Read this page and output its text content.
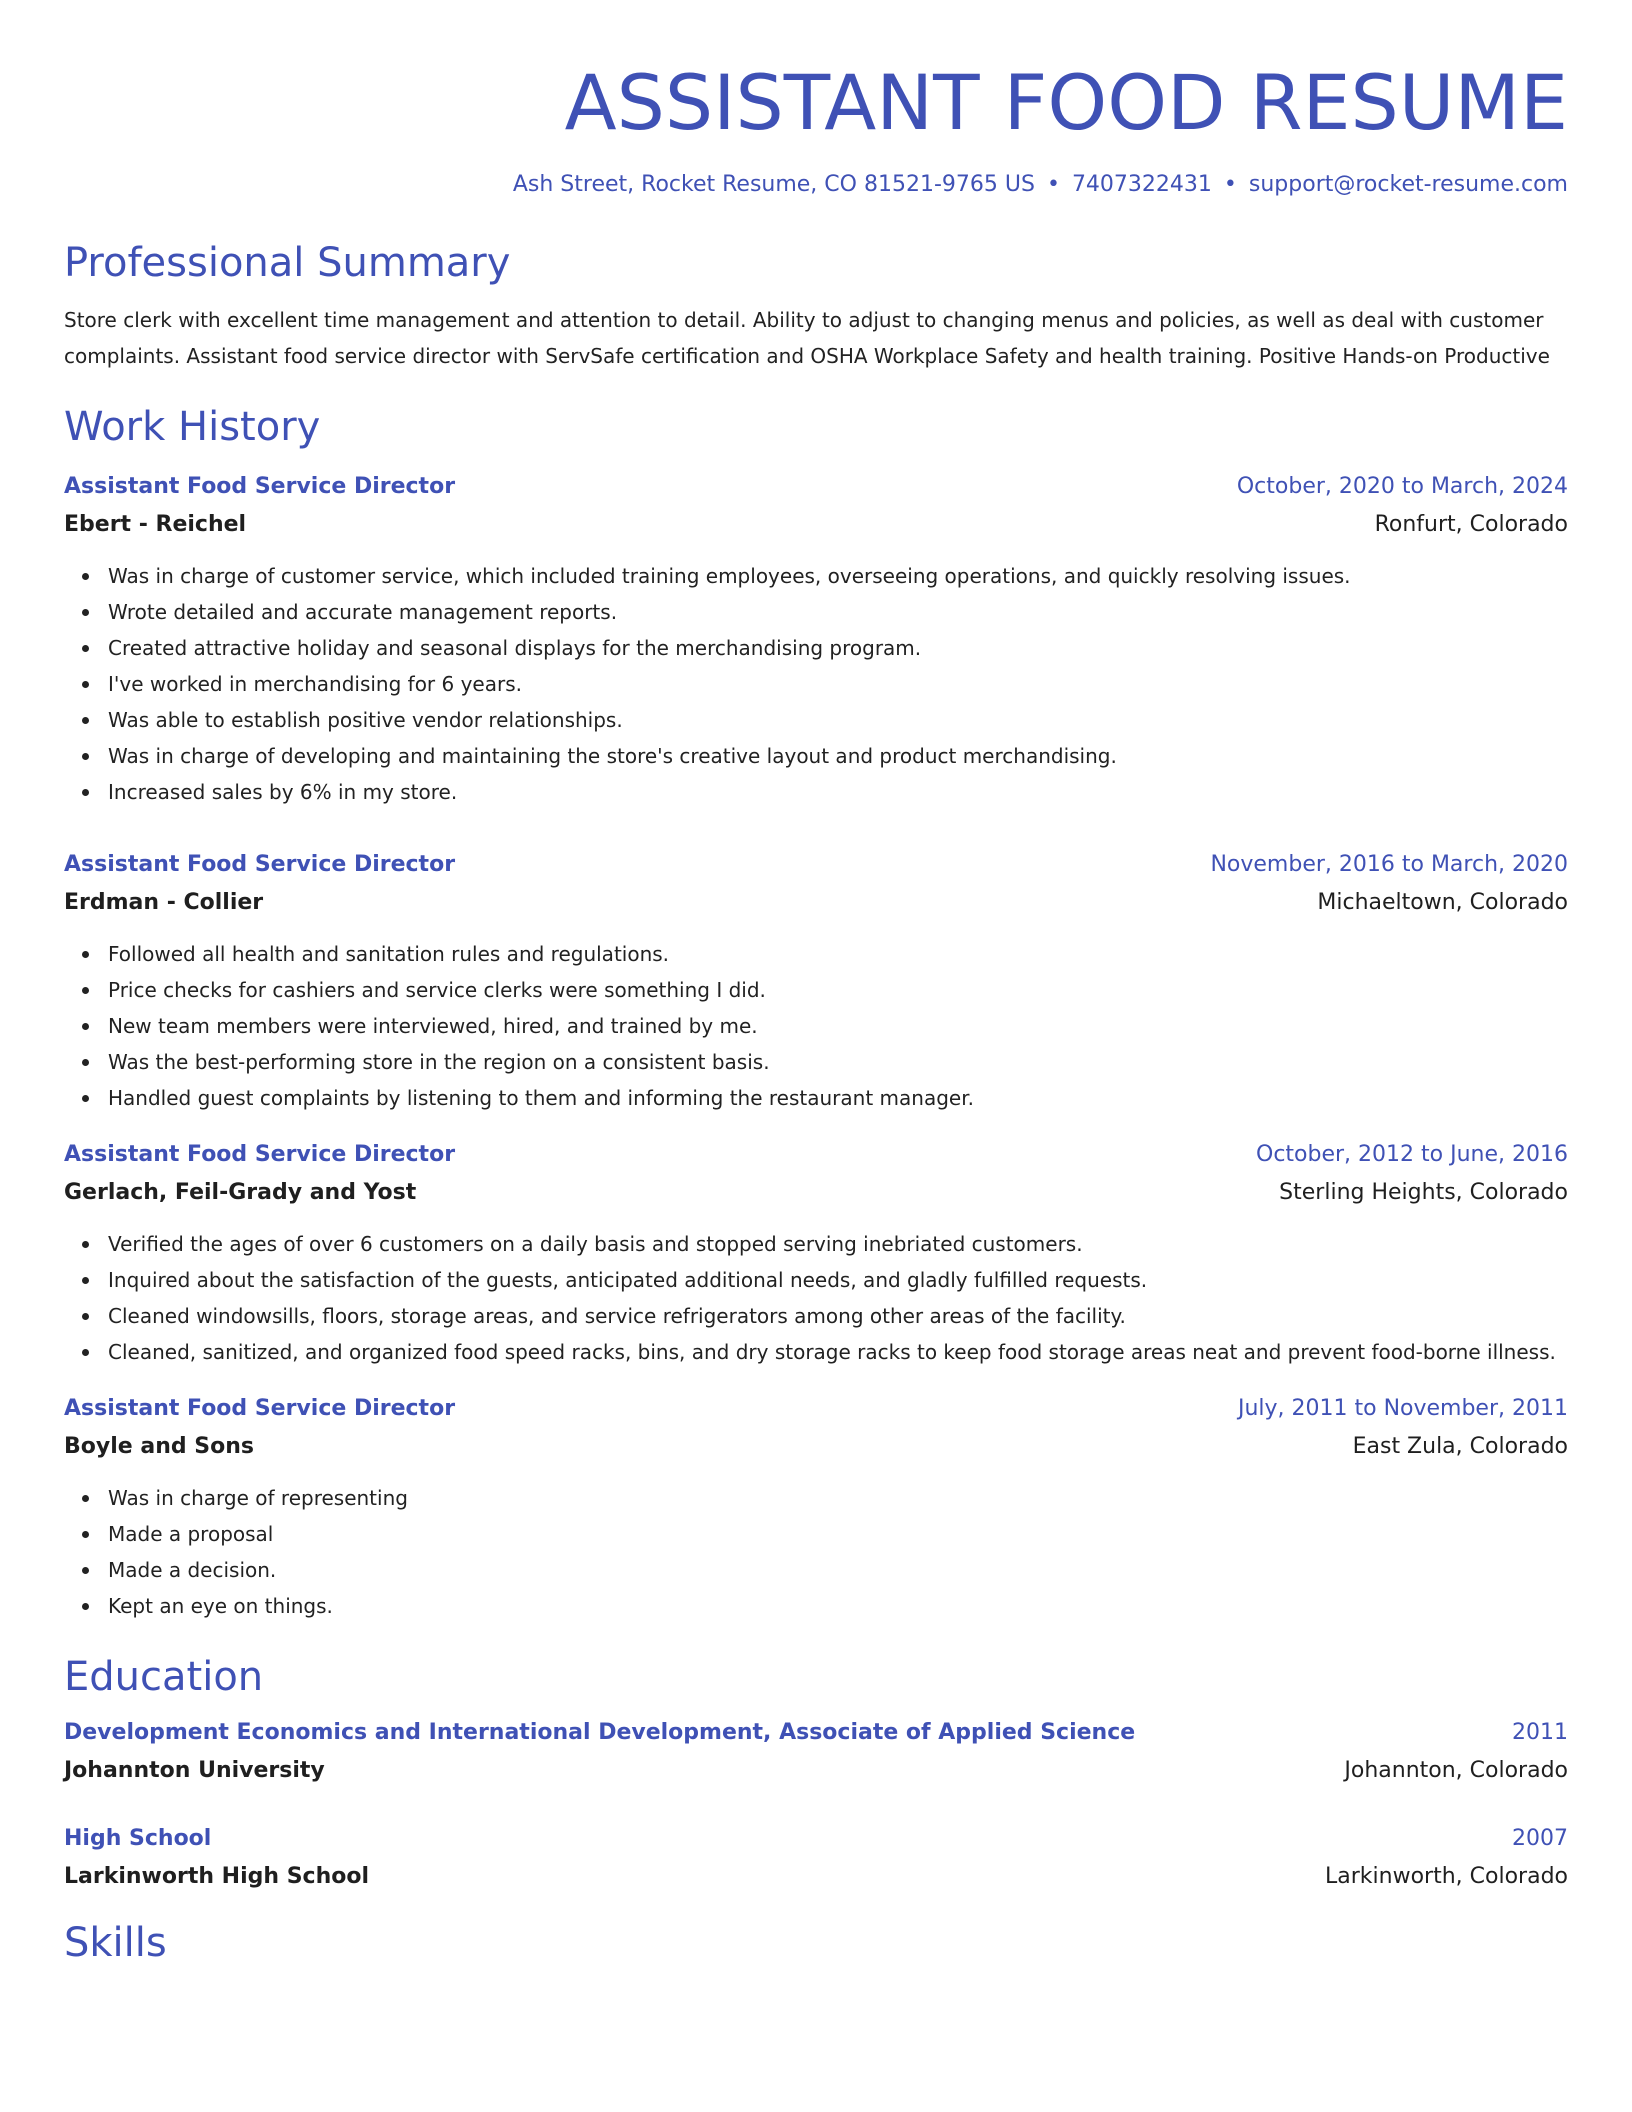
ASSISTANT FOOD RESUME
Ash Street, Rocket Resume, CO 81521-9765 US • 7407322431 • support@rocket-resume.com
Professional Summary
Store clerk with excellent time management and attention to detail. Ability to adjust to changing menus and policies, as well as deal with customer complaints. Assistant food service director with ServSafe certification and OSHA Workplace Safety and health training. Positive Hands-on Productive
Work History
Assistant Food Service Director	October, 2020 to March, 2024
Ebert - Reichel	Ronfurt, Colorado
Was in charge of customer service, which included training employees, overseeing operations, and quickly resolving issues.
Wrote detailed and accurate management reports.
Created attractive holiday and seasonal displays for the merchandising program.
I've worked in merchandising for 6 years.
Was able to establish positive vendor relationships.
Was in charge of developing and maintaining the store's creative layout and product merchandising.
Increased sales by 6% in my store.
Assistant Food Service Director	November, 2016 to March, 2020
Erdman - Collier	Michaeltown, Colorado
Followed all health and sanitation rules and regulations.
Price checks for cashiers and service clerks were something I did.
New team members were interviewed, hired, and trained by me.
Was the best-performing store in the region on a consistent basis.
Handled guest complaints by listening to them and informing the restaurant manager.
Assistant Food Service Director	October, 2012 to June, 2016
Gerlach, Feil-Grady and Yost	Sterling Heights, Colorado
Verified the ages of over 6 customers on a daily basis and stopped serving inebriated customers.
Inquired about the satisfaction of the guests, anticipated additional needs, and gladly fulfilled requests.
Cleaned windowsills, floors, storage areas, and service refrigerators among other areas of the facility.
Cleaned, sanitized, and organized food speed racks, bins, and dry storage racks to keep food storage areas neat and prevent food-borne illness.
Assistant Food Service Director	July, 2011 to November, 2011
Boyle and Sons	East Zula, Colorado
Was in charge of representing
Made a proposal
Made a decision.
Kept an eye on things.
Education
Development Economics and International Development, Associate of Applied Science	2011
Johannton University	Johannton, Colorado
High School	2007
Larkinworth High School	Larkinworth, Colorado
Skills
